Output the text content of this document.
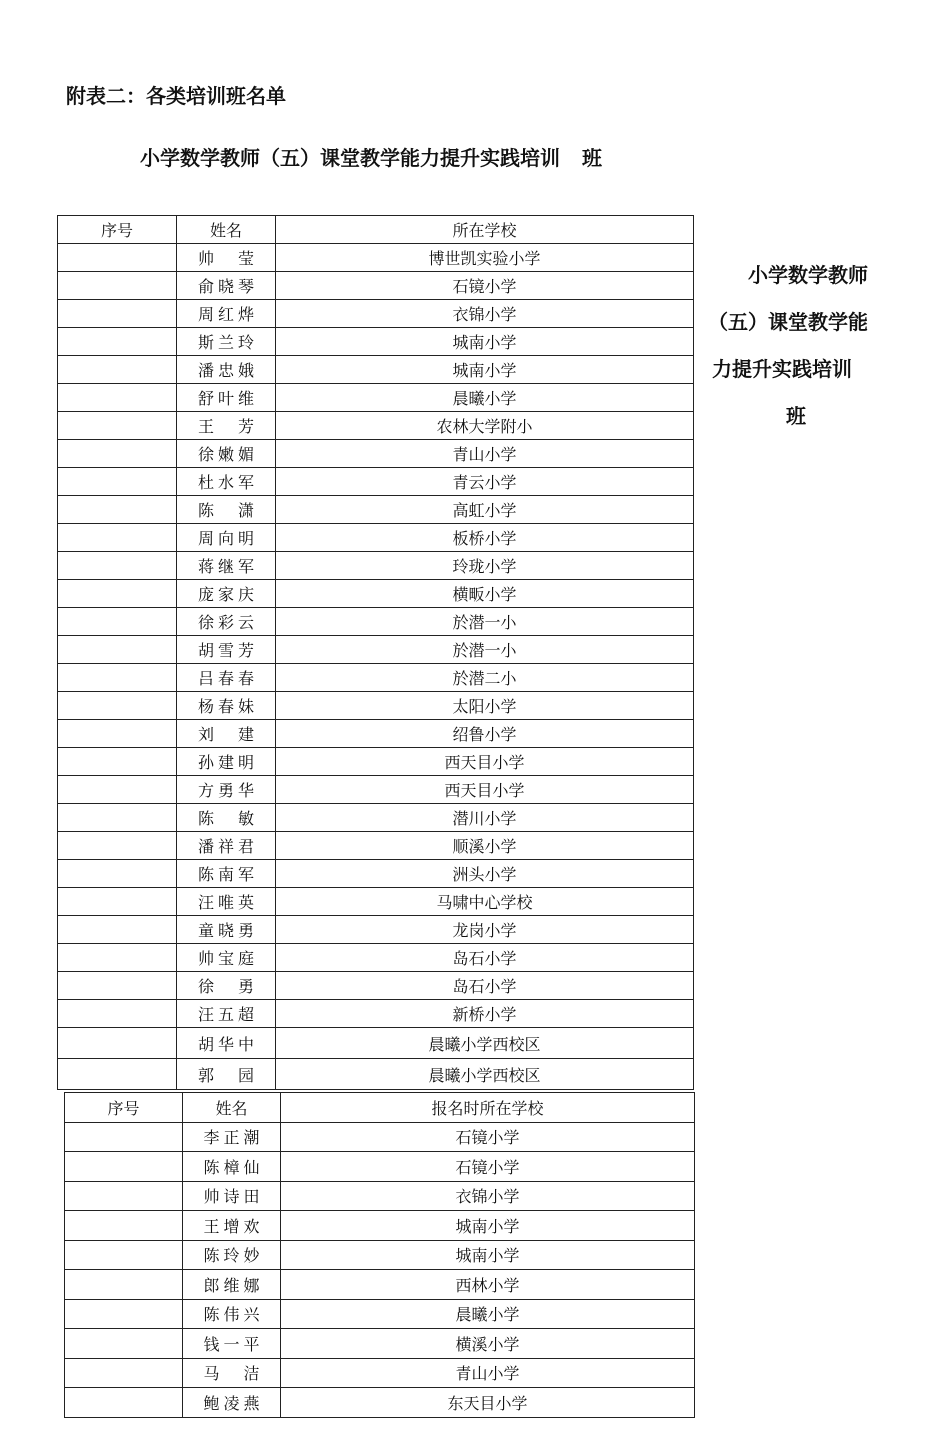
附表二：各类培训班名单
小学数学教师（五）课堂教学能力提升实践培训 班
小学数学教师
（五）课堂教学能
力提升实践培训
班
序号	姓名	所在学校
	帅 莹	博世凯实验小学
	俞晓琴	石镜小学
	周红烨	衣锦小学
	斯兰玲	城南小学
	潘忠娥	城南小学
	舒叶维	晨曦小学
	王 芳	农林大学附小
	徐嫩媚	青山小学
	杜水军	青云小学
	陈 潇	高虹小学
	周向明	板桥小学
	蒋继军	玲珑小学
	庞家庆	横畈小学
	徐彩云	於潜一小
	胡雪芳	於潜一小
	吕春春	於潜二小
	杨春妹	太阳小学
	刘 建	绍鲁小学
	孙建明	西天目小学
	方勇华	西天目小学
	陈 敏	潜川小学
	潘祥君	顺溪小学
	陈南军	洲头小学
	汪唯英	马啸中心学校
	童晓勇	龙岗小学
	帅宝庭	岛石小学
	徐 勇	岛石小学
	汪五超	新桥小学
	胡华中	晨曦小学西校区
	郭 园	晨曦小学西校区
序号	姓名	报名时所在学校
	李正潮	石镜小学
	陈樟仙	石镜小学
	帅诗田	衣锦小学
	王增欢	城南小学
	陈玲妙	城南小学
	郎维娜	西林小学
	陈伟兴	晨曦小学
	钱一平	横溪小学
	马 洁	青山小学
	鲍凌燕	东天目小学
